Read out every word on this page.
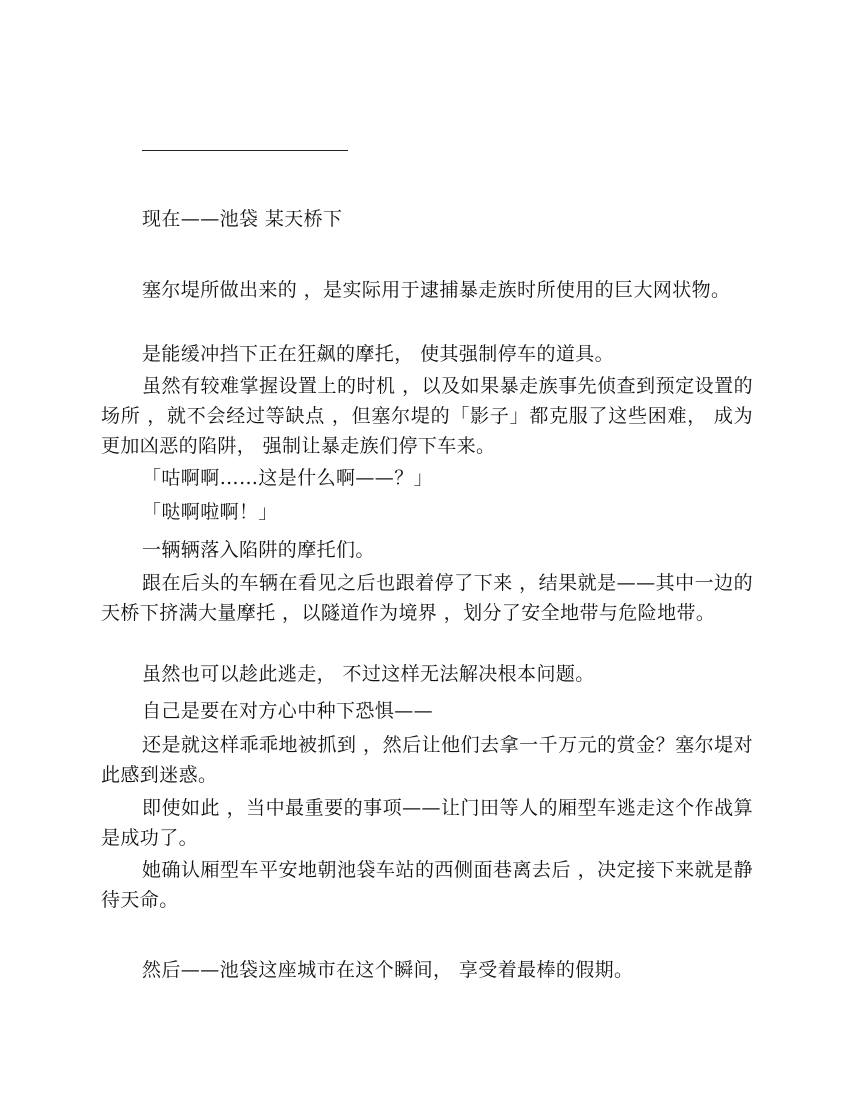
现在——池袋 某天桥下

塞尔堤所做出来的 ，是实际用于逮捕暴走族时所使用的巨大网状物。

是能缓冲挡下正在狂飙的摩托， 使其强制停车的道具。

虽然有较难掌握设置上的时机 ，以及如果暴走族事先侦查到预定设置的场所 ，就不会经过等缺点 ，但塞尔堤的「影子」都克服了这些困难， 成为更加凶恶的陷阱， 强制让暴走族们停下车来。

「咕啊啊……这是什么啊——？」

「哒啊啦啊！」

一辆辆落入陷阱的摩托们。

跟在后头的车辆在看见之后也跟着停了下来 ，结果就是——其中一边的天桥下挤满大量摩托 ，以隧道作为境界 ，划分了安全地带与危险地带。

虽然也可以趁此逃走， 不过这样无法解决根本问题。

自己是要在对方心中种下恐惧——

还是就这样乖乖地被抓到 ，然后让他们去拿一千万元的赏金？塞尔堤对此感到迷惑。

即使如此 ，当中最重要的事项——让门田等人的厢型车逃走这个作战算是成功了。

她确认厢型车平安地朝池袋车站的西侧面巷离去后 ，决定接下来就是静待天命。

然后——池袋这座城市在这个瞬间， 享受着最棒的假期。
